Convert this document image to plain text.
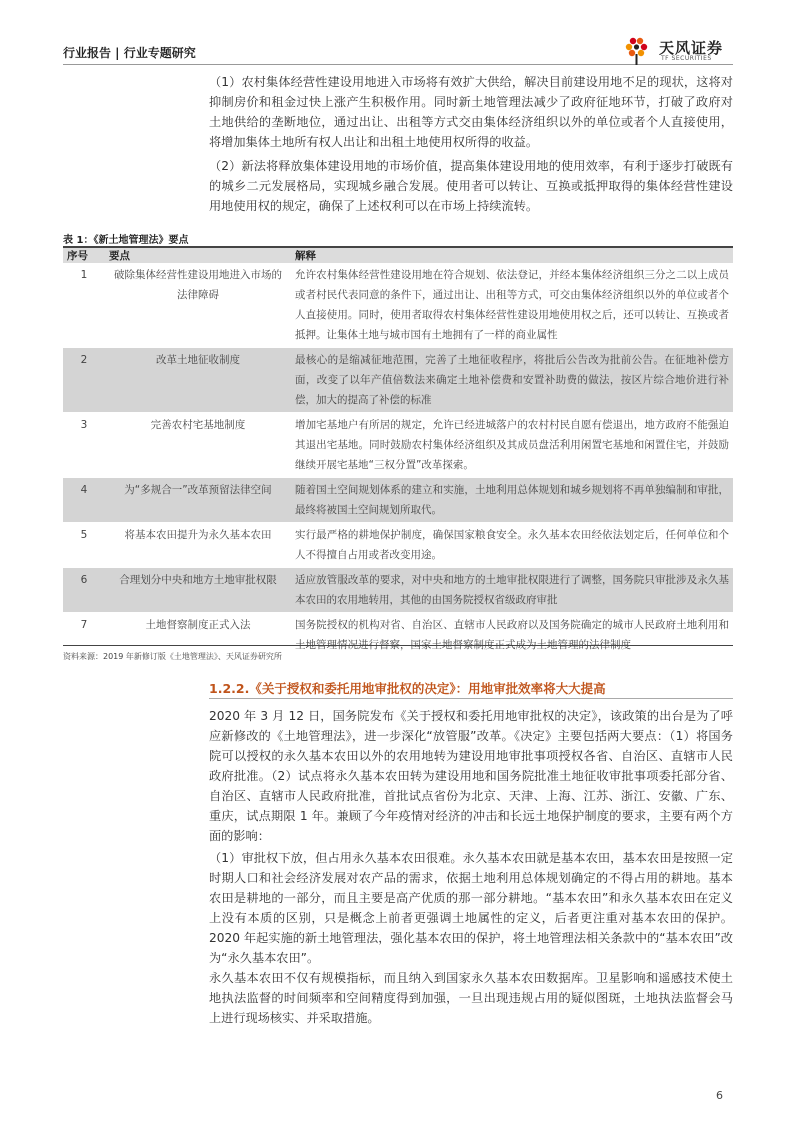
行业报告 | 行业专题研究	天风证券
TF SECURITIES

（1）农村集体经营性建设用地进入市场将有效扩大供给，解决目前建设用地不足的现状，这将对抑制房价和租金过快上涨产生积极作用。同时新土地管理法减少了政府征地环节，打破了政府对土地供给的垄断地位，通过出让、出租等方式交由集体经济组织以外的单位或者个人直接使用，将增加集体土地所有权人出让和出租土地使用权所得的收益。

（2）新法将释放集体建设用地的市场价值，提高集体建设用地的使用效率，有利于逐步打破既有的城乡二元发展格局，实现城乡融合发展。使用者可以转让、互换或抵押取得的集体经营性建设用地使用权的规定，确保了上述权利可以在市场上持续流转。

表 1：《新土地管理法》要点
序号	要点	解释
1	破除集体经营性建设用地进入市场的法律障碍	允许农村集体经营性建设用地在符合规划、依法登记，并经本集体经济组织三分之二以上成员或者村民代表同意的条件下，通过出让、出租等方式，可交由集体经济组织以外的单位或者个人直接使用。同时，使用者取得农村集体经营性建设用地使用权之后，还可以转让、互换或者抵押。让集体土地与城市国有土地拥有了一样的商业属性
2	改革土地征收制度	最核心的是缩减征地范围，完善了土地征收程序，将批后公告改为批前公告。在征地补偿方面，改变了以年产值倍数法来确定土地补偿费和安置补助费的做法，按区片综合地价进行补偿，加大的提高了补偿的标准
3	完善农村宅基地制度	增加宅基地户有所居的规定，允许已经进城落户的农村村民自愿有偿退出，地方政府不能强迫其退出宅基地。同时鼓励农村集体经济组织及其成员盘活利用闲置宅基地和闲置住宅，并鼓励继续开展宅基地“三权分置”改革探索。
4	为“多规合一”改革预留法律空间	随着国土空间规划体系的建立和实施，土地利用总体规划和城乡规划将不再单独编制和审批，最终将被国土空间规划所取代。
5	将基本农田提升为永久基本农田	实行最严格的耕地保护制度，确保国家粮食安全。永久基本农田经依法划定后，任何单位和个人不得擅自占用或者改变用途。
6	合理划分中央和地方土地审批权限	适应放管服改革的要求，对中央和地方的土地审批权限进行了调整，国务院只审批涉及永久基本农田的农用地转用，其他的由国务院授权省级政府审批
7	土地督察制度正式入法	国务院授权的机构对省、自治区、直辖市人民政府以及国务院确定的城市人民政府土地利用和土地管理情况进行督察，国家土地督察制度正式成为土地管理的法律制度
资料来源：2019 年新修订版《土地管理法》、天风证券研究所
1.2.2.《关于授权和委托用地审批权的决定》：用地审批效率将大大提高

2020 年 3 月 12 日，国务院发布《关于授权和委托用地审批权的决定》，该政策的出台是为了呼应新修改的《土地管理法》，进一步深化“放管服”改革。《决定》主要包括两大要点：（1）将国务院可以授权的永久基本农田以外的农用地转为建设用地审批事项授权各省、自治区、直辖市人民政府批准。（2）试点将永久基本农田转为建设用地和国务院批准土地征收审批事项委托部分省、自治区、直辖市人民政府批准，首批试点省份为北京、天津、上海、江苏、浙江、安徽、广东、重庆，试点期限 1 年。兼顾了今年疫情对经济的冲击和长远土地保护制度的要求，主要有两个方面的影响：

（1）审批权下放，但占用永久基本农田很难。永久基本农田就是基本农田，基本农田是按照一定时期人口和社会经济发展对农产品的需求，依据土地利用总体规划确定的不得占用的耕地。基本农田是耕地的一部分，而且主要是高产优质的那一部分耕地。“基本农田”和永久基本农田在定义上没有本质的区别，只是概念上前者更强调土地属性的定义，后者更注重对基本农田的保护。2020 年起实施的新土地管理法，强化基本农田的保护，将土地管理法相关条款中的“基本农田”改为“永久基本农田”。

永久基本农田不仅有规模指标，而且纳入到国家永久基本农田数据库。卫星影响和遥感技术使土地执法监督的时间频率和空间精度得到加强，一旦出现违规占用的疑似图斑，土地执法监督会马上进行现场核实、并采取措施。

6
